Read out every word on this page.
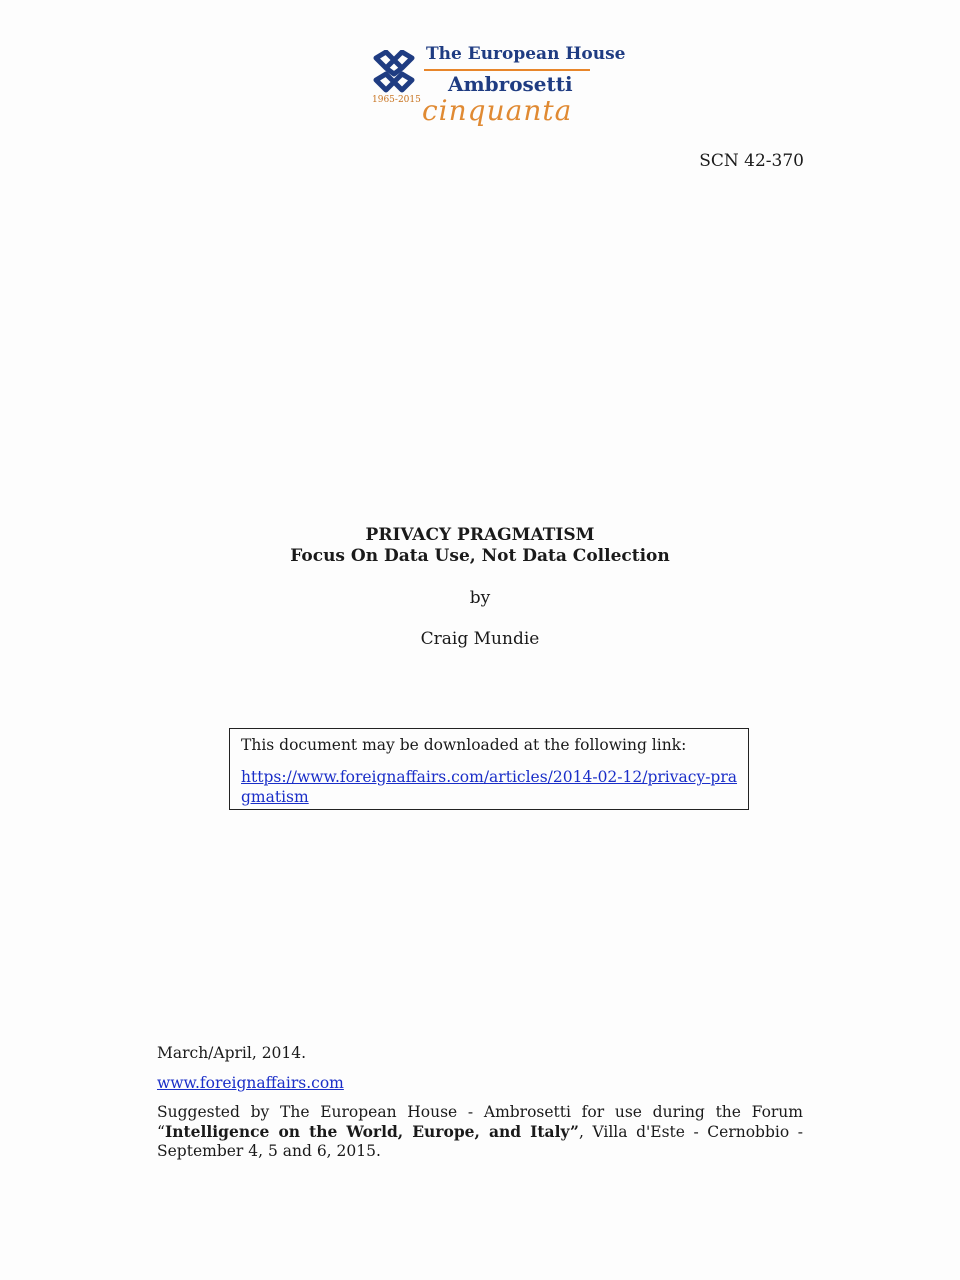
The European House
Ambrosetti
1965-2015 cinquanta
SCN 42-370
PRIVACY PRAGMATISM
Focus On Data Use, Not Data Collection
by
Craig Mundie
This document may be downloaded at the following link:
https://www.foreignaffairs.com/articles/2014-02-12/privacy-pragmatism
March/April, 2014.
www.foreignaffairs.com
Suggested by The European House - Ambrosetti for use during the Forum “Intelligence on the World, Europe, and Italy”, Villa d'Este - Cernobbio - September 4, 5 and 6, 2015.
